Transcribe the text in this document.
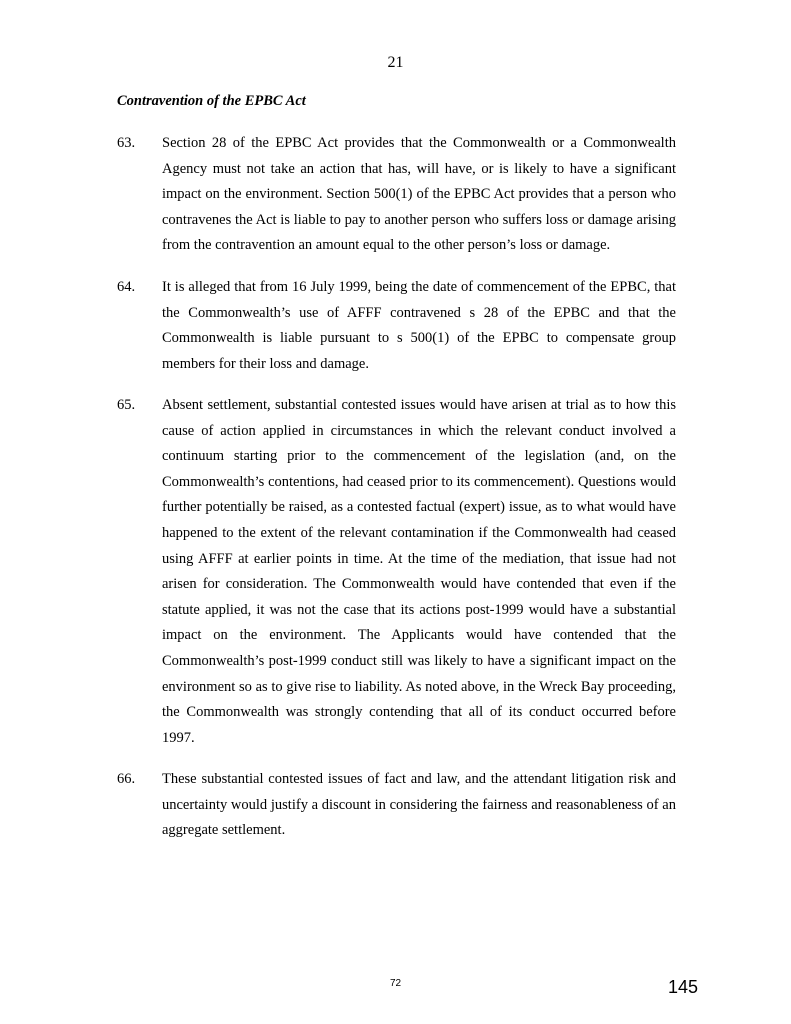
21
Contravention of the EPBC Act
63. Section 28 of the EPBC Act provides that the Commonwealth or a Commonwealth Agency must not take an action that has, will have, or is likely to have a significant impact on the environment. Section 500(1) of the EPBC Act provides that a person who contravenes the Act is liable to pay to another person who suffers loss or damage arising from the contravention an amount equal to the other person’s loss or damage.
64. It is alleged that from 16 July 1999, being the date of commencement of the EPBC, that the Commonwealth’s use of AFFF contravened s 28 of the EPBC and that the Commonwealth is liable pursuant to s 500(1) of the EPBC to compensate group members for their loss and damage.
65. Absent settlement, substantial contested issues would have arisen at trial as to how this cause of action applied in circumstances in which the relevant conduct involved a continuum starting prior to the commencement of the legislation (and, on the Commonwealth’s contentions, had ceased prior to its commencement). Questions would further potentially be raised, as a contested factual (expert) issue, as to what would have happened to the extent of the relevant contamination if the Commonwealth had ceased using AFFF at earlier points in time. At the time of the mediation, that issue had not arisen for consideration. The Commonwealth would have contended that even if the statute applied, it was not the case that its actions post-1999 would have a substantial impact on the environment. The Applicants would have contended that the Commonwealth’s post-1999 conduct still was likely to have a significant impact on the environment so as to give rise to liability. As noted above, in the Wreck Bay proceeding, the Commonwealth was strongly contending that all of its conduct occurred before 1997.
66. These substantial contested issues of fact and law, and the attendant litigation risk and uncertainty would justify a discount in considering the fairness and reasonableness of an aggregate settlement.
72	145
